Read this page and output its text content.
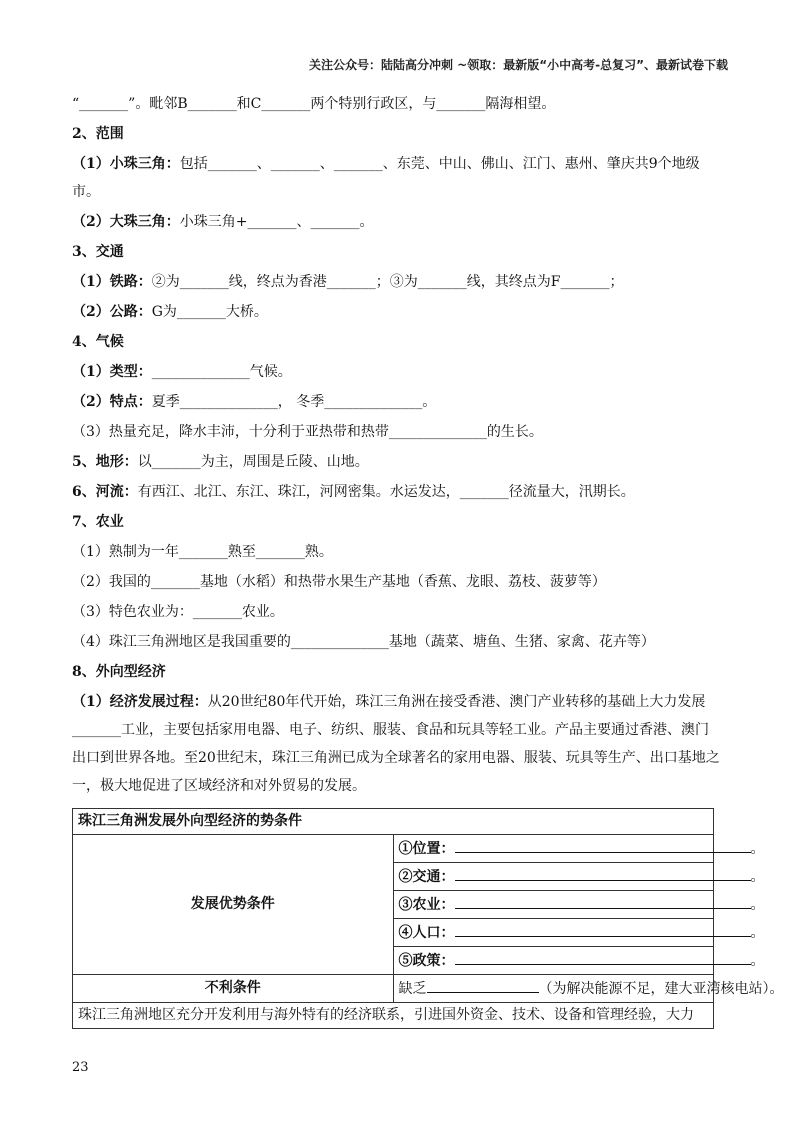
关注公众号：陆陆高分冲刺 ~领取：最新版“小中高考-总复习”、最新试卷下载
“_______”。毗邻B_______和C_______两个特别行政区，与_______隔海相望。
2、范围
（1）小珠三角：包括_______、_______、_______、东莞、中山、佛山、江门、惠州、肇庆共9个地级
市。
（2）大珠三角：小珠三角+_______、_______。
3、交通
（1）铁路：②为_______线，终点为香港_______；③为_______线，其终点为F_______；
（2）公路：G为_______大桥。
4、气候
（1）类型：______________气候。
（2）特点：夏季______________， 冬季______________。
（3）热量充足，降水丰沛，十分利于亚热带和热带______________的生长。
5、地形：以_______为主，周围是丘陵、山地。
6、河流：有西江、北江、东江、珠江，河网密集。水运发达，_______径流量大，汛期长。
7、农业
（1）熟制为一年_______熟至_______熟。
（2）我国的_______基地（水稻）和热带水果生产基地（香蕉、龙眼、荔枝、菠萝等）
（3）特色农业为：_______农业。
（4）珠江三角洲地区是我国重要的______________基地（蔬菜、塘鱼、生猪、家禽、花卉等）
8、外向型经济
（1）经济发展过程：从20世纪80年代开始，珠江三角洲在接受香港、澳门产业转移的基础上大力发展
_______工业，主要包括家用电器、电子、纺织、服装、食品和玩具等轻工业。产品主要通过香港、澳门
出口到世界各地。至20世纪末，珠江三角洲已成为全球著名的家用电器、服装、玩具等生产、出口基地之
一，极大地促进了区域经济和对外贸易的发展。
珠江三角洲发展外向型经济的势条件	
发展优势条件	①位置： 。
	②交通： 。
	③农业： 。
	④人口： 。
	⑤政策： 。
不利条件	缺乏 （为解决能源不足，建大亚湾核电站）。
珠江三角洲地区充分开发利用与海外特有的经济联系，引进国外资金、技术、设备和管理经验，大力	
23
